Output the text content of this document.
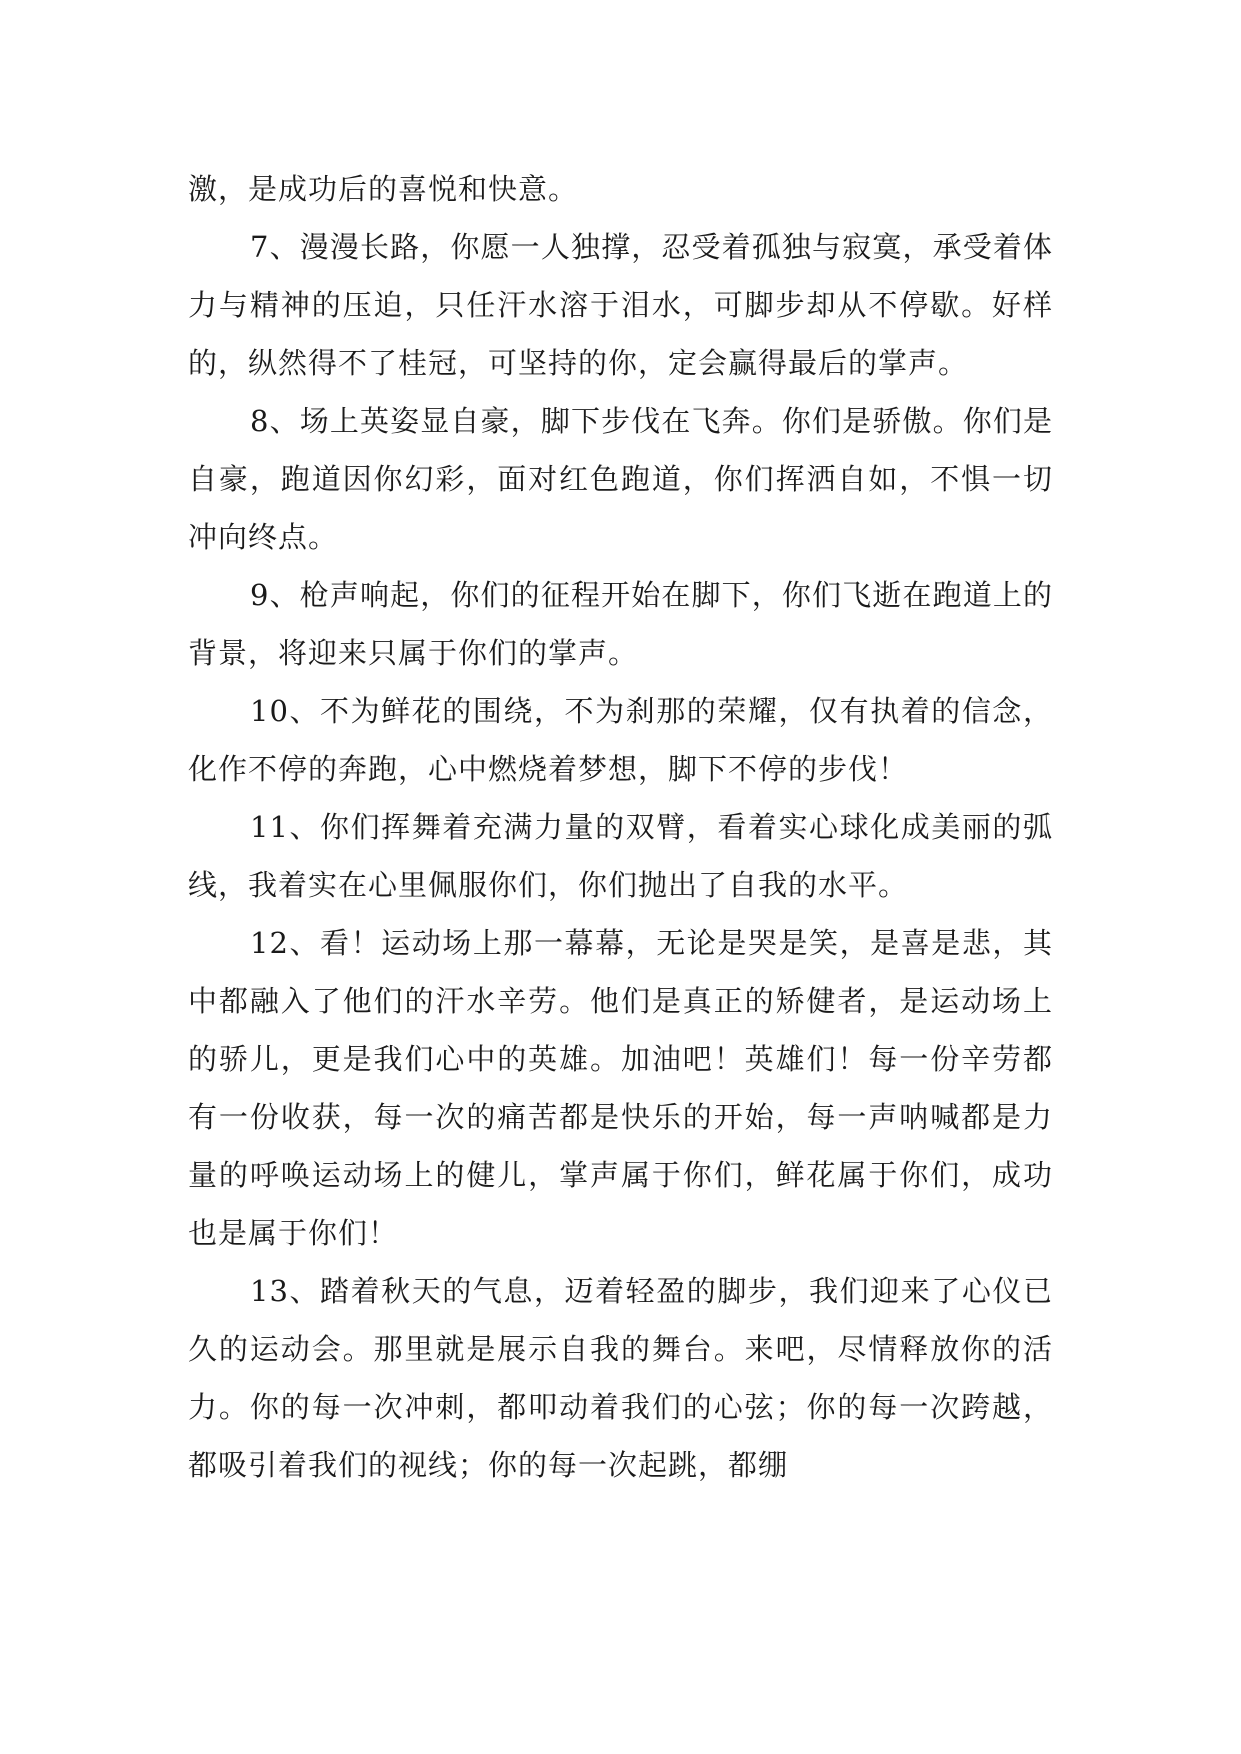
激，是成功后的喜悦和快意。

7、漫漫长路，你愿一人独撑，忍受着孤独与寂寞，承受着体力与精神的压迫，只任汗水溶于泪水，可脚步却从不停歇。好样的，纵然得不了桂冠，可坚持的你，定会赢得最后的掌声。

8、场上英姿显自豪，脚下步伐在飞奔。你们是骄傲。你们是自豪，跑道因你幻彩，面对红色跑道，你们挥洒自如，不惧一切冲向终点。

9、枪声响起，你们的征程开始在脚下，你们飞逝在跑道上的背景，将迎来只属于你们的掌声。

10、不为鲜花的围绕，不为刹那的荣耀，仅有执着的信念，化作不停的奔跑，心中燃烧着梦想，脚下不停的步伐！

11、你们挥舞着充满力量的双臂，看着实心球化成美丽的弧线，我着实在心里佩服你们，你们抛出了自我的水平。

12、看！运动场上那一幕幕，无论是哭是笑，是喜是悲，其中都融入了他们的汗水辛劳。他们是真正的矫健者，是运动场上的骄儿，更是我们心中的英雄。加油吧！英雄们！每一份辛劳都有一份收获，每一次的痛苦都是快乐的开始，每一声呐喊都是力量的呼唤运动场上的健儿，掌声属于你们，鲜花属于你们，成功也是属于你们！

13、踏着秋天的气息，迈着轻盈的脚步，我们迎来了心仪已久的运动会。那里就是展示自我的舞台。来吧，尽情释放你的活力。你的每一次冲刺，都叩动着我们的心弦；你的每一次跨越，都吸引着我们的视线；你的每一次起跳，都绷
